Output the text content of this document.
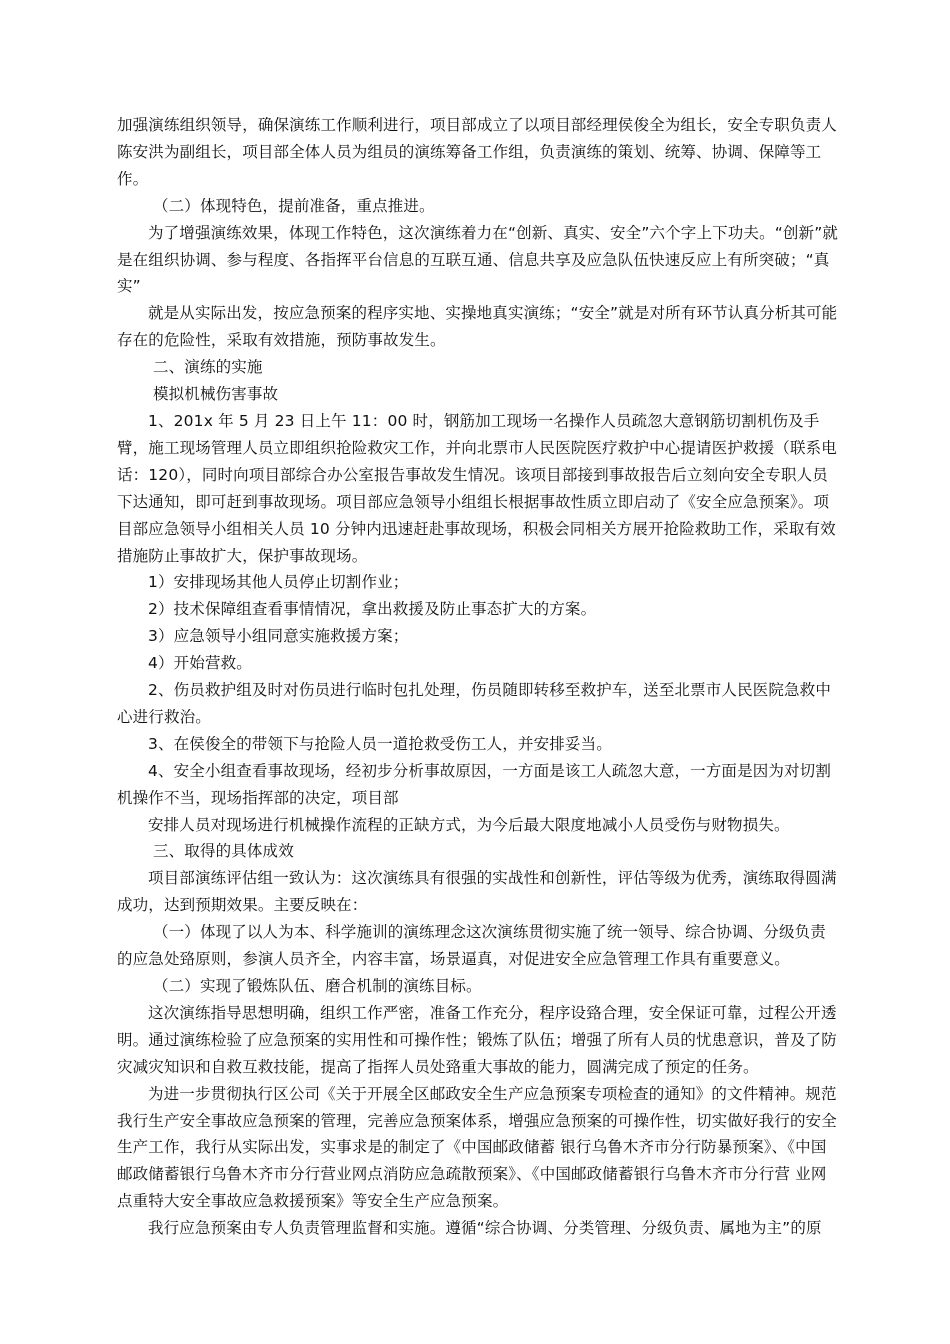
加强演练组织领导，确保演练工作顺利进行，项目部成立了以项目部经理侯俊全为组长，安全专职负责人陈安洪为副组长，项目部全体人员为组员的演练筹备工作组，负责演练的策划、统筹、协调、保障等工作。

（二）体现特色，提前准备，重点推进。

为了增强演练效果，体现工作特色，这次演练着力在“创新、真实、安全”六个字上下功夫。“创新”就是在组织协调、参与程度、各指挥平台信息的互联互通、信息共享及应急队伍快速反应上有所突破；“真实”

就是从实际出发，按应急预案的程序实地、实操地真实演练；“安全”就是对所有环节认真分析其可能存在的危险性，采取有效措施，预防事故发生。

二、演练的实施

模拟机械伤害事故

1、201x 年 5 月 23 日上午 11：00 时，钢筋加工现场一名操作人员疏忽大意钢筋切割机伤及手臂，施工现场管理人员立即组织抢险救灾工作，并向北票市人民医院医疗救护中心提请医护救援（联系电话：120），同时向项目部综合办公室报告事故发生情况。该项目部接到事故报告后立刻向安全专职人员下达通知，即可赶到事故现场。项目部应急领导小组组长根据事故性质立即启动了《安全应急预案》。项目部应急领导小组相关人员 10 分钟内迅速赶赴事故现场，积极会同相关方展开抢险救助工作，采取有效措施防止事故扩大，保护事故现场。

1）安排现场其他人员停止切割作业；

2）技术保障组查看事情情况，拿出救援及防止事态扩大的方案。

3）应急领导小组同意实施救援方案；

4）开始营救。

2、伤员救护组及时对伤员进行临时包扎处理，伤员随即转移至救护车，送至北票市人民医院急救中心进行救治。

3、在侯俊全的带领下与抢险人员一道抢救受伤工人，并安排妥当。

4、安全小组查看事故现场，经初步分析事故原因，一方面是该工人疏忽大意，一方面是因为对切割机操作不当，现场指挥部的决定，项目部

安排人员对现场进行机械操作流程的正缺方式，为今后最大限度地减小人员受伤与财物损失。

三、取得的具体成效

项目部演练评估组一致认为：这次演练具有很强的实战性和创新性，评估等级为优秀，演练取得圆满成功，达到预期效果。主要反映在：

（一）体现了以人为本、科学施训的演练理念这次演练贯彻实施了统一领导、综合协调、分级负责的应急处臵原则，参演人员齐全，内容丰富，场景逼真，对促进安全应急管理工作具有重要意义。

（二）实现了锻炼队伍、磨合机制的演练目标。

这次演练指导思想明确，组织工作严密，准备工作充分，程序设臵合理，安全保证可靠，过程公开透明。通过演练检验了应急预案的实用性和可操作性；锻炼了队伍；增强了所有人员的忧患意识，普及了防灾减灾知识和自救互救技能，提高了指挥人员处臵重大事故的能力，圆满完成了预定的任务。

为进一步贯彻执行区公司《关于开展全区邮政安全生产应急预案专项检查的通知》的文件精神。规范我行生产安全事故应急预案的管理，完善应急预案体系，增强应急预案的可操作性，切实做好我行的安全生产工作，我行从实际出发，实事求是的制定了《中国邮政储蓄 银行乌鲁木齐市分行防暴预案》、《中国邮政储蓄银行乌鲁木齐市分行营业网点消防应急疏散预案》、《中国邮政储蓄银行乌鲁木齐市分行营 业网点重特大安全事故应急救援预案》等安全生产应急预案。

我行应急预案由专人负责管理监督和实施。遵循“综合协调、分类管理、分级负责、属地为主”的原
